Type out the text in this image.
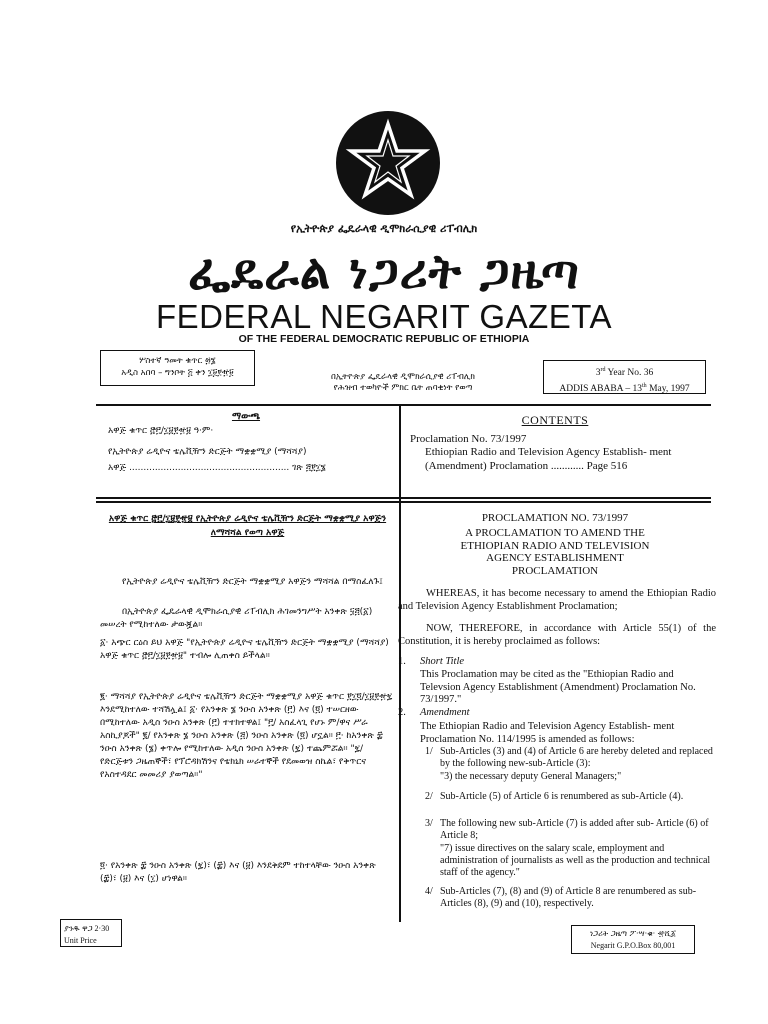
የኢትዮጵያ ፌዴራላዊ ዲሞክራሲያዊ ሪፐብሊክ
ፌዴራል ነጋሪት ጋዜጣ
FEDERAL NEGARIT GAZETA
OF THE FEDERAL DEMOCRATIC REPUBLIC OF ETHIOPIA
ሦስተኛ ዓመት ቁጥር ፴፮
አዲስ አበባ – ግንቦት ፭ ቀን ፲፱፻፹፱	በኢትዮጵያ ፌዴራላዊ ዲሞክራሲያዊ ሪፐብሊክ
የሕዝብ ተወካዮች ምክር ቤት ጠባቂነት የወጣ
3rd Year No. 36
ADDIS ABABA – 13th May, 1997
ማውጫ
አዋጅ ቁጥር ፸፫/፲፱፻፹፱ ዓ·ም·
የኢትዮጵያ ሬዲዮና ቴሌቪዥን ድርጅት ማቋቋሚያ (ማሻሻያ)
አዋጅ ........................................................ ገጽ ፭፻፲፮
CONTENTS
Proclamation No. 73/1997
Ethiopian Radio and Television Agency Establish- ment (Amendment) Proclamation ............ Page 516
PROCLAMATION NO. 73/1997
A PROCLAMATION TO AMEND THE
ETHIOPIAN RADIO AND TELEVISION
AGENCY ESTABLISHMENT
PROCLAMATION
WHEREAS, it has become necessary to amend the Ethiopian Radio and Television Agency Establishment Proclamation;
NOW, THEREFORE, in accordance with Article 55(1) of the Constitution, it is hereby proclaimed as follows:
1. Short Title
This Proclamation may be cited as the "Ethiopian Radio and Televsion Agency Establishment (Amendment) Proclamation No. 73/1997."
2. Amendment
The Ethiopian Radio and Television Agency Establish- ment Proclamation No. 114/1995 is amended as follows:
1/ Sub-Articles (3) and (4) of Article 6 are hereby deleted and replaced by the following new-sub-Article (3):
"3) the necessary deputy General Managers;"
2/ Sub-Article (5) of Article 6 is renumbered as sub-Article (4).
3/ The following new sub-Article (7) is added after sub- Article (6) of Article 8;
"7) issue directives on the salary scale, employment and administration of journalists as well as the production and technical staff of the agency."
4/ Sub-Articles (7), (8) and (9) of Article 8 are renumbered as sub-Articles (8), (9) and (10), respectively.
አዋጅ ቁጥር ፸፫/፲፱፻፹፱ የኢትዮጵያ ሬዲዮና ቴሌቪዥን ድርጅት ማቋቋሚያ አዋጅን ለማሻሻል የወጣ አዋጅ
የኢትዮጵያ ሬዲዮና ቴሌቪዥን ድርጅት ማቋቋሚያ አዋጅን ማሻሻል በማስፈለጉ፤
በኢትዮጵያ ፌዴራላዊ ዲሞክራሲያዊ ሪፐብሊክ ሕገመንግሥት አንቀጽ ፶፭(፩) መሠረት የሚከተለው ታውጇል።
፩· አጭር ርዕስ ይህ አዋጅ "የኢትዮጵያ ሬዲዮና ቴሌቪዥን ድርጅት ማቋቋሚያ (ማሻሻያ) አዋጅ ቁጥር ፸፫/፲፱፻፹፱" ተብሎ ሊጠቀስ ይችላል።
፪· ማሻሻያ የኢትዮጵያ ሬዲዮና ቴሌቪዥን ድርጅት ማቋቋሚያ አዋጅ ቁጥር ፻፲፬/፲፱፻፹፯ እንደሚከተለው ተሻሽሏል፤ ፩· የአንቀጽ ፮ ንዑስ አንቀጽ (፫) እና (፬) ተሠርዘው በሚከተለው አዲስ ንዑስ አንቀጽ (፫) ተተክተዋል፤ "፫/ አስፈላጊ የሆኑ ም/ዋና ሥራ አስኪያጆች" ፪/ የአንቀጽ ፮ ንዑስ አንቀጽ (፭) ንዑስ አንቀጽ (፬) ሆኗል። ፫· ከአንቀጽ ፰ ንዑስ አንቀጽ (፮) ቀጥሎ የሚከተለው አዲስ ንዑስ አንቀጽ (፯) ተጨምሯል። "፯/ የድርጅቱን ጋዜጠኞች፣ የፕሮዳክሽንና የቴክኒክ ሠራተኞች የደመወዝ ስኬል፣ የቅጥርና የአስተዳደር መመሪያ ያወጣል።"
፬· የአንቀጽ ፰ ንዑስ አንቀጽ (፯)፣ (፰) እና (፱) እንደቅደም ተከተላቸው ንዑስ አንቀጽ (፰)፣ (፱) እና (፲) ሆነዋል።
ያንዱ ዋጋ 2·30
Unit Price
ነጋሪት ጋዜጣ ፖ·ሣ·ቁ· ፹ሺ፩
Negarit G.P.O.Box 80,001
